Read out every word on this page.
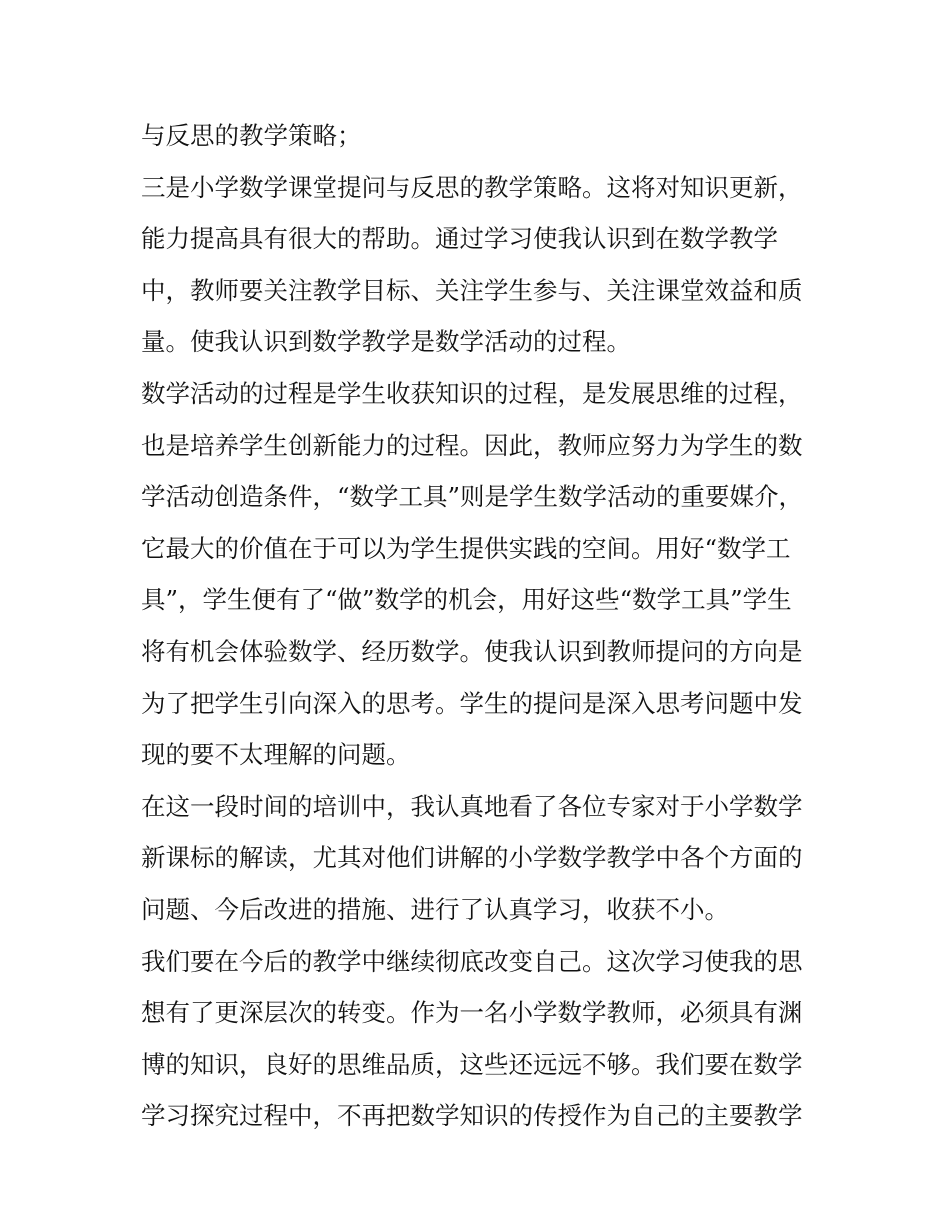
与反思的教学策略；
三是小学数学课堂提问与反思的教学策略。这将对知识更新，
能力提高具有很大的帮助。通过学习使我认识到在数学教学
中，教师要关注教学目标、关注学生参与、关注课堂效益和质
量。使我认识到数学教学是数学活动的过程。
数学活动的过程是学生收获知识的过程，是发展思维的过程，
也是培养学生创新能力的过程。因此，教师应努力为学生的数
学活动创造条件，“数学工具”则是学生数学活动的重要媒介，
它最大的价值在于可以为学生提供实践的空间。用好“数学工
具”，学生便有了“做”数学的机会，用好这些“数学工具”学生
将有机会体验数学、经历数学。使我认识到教师提问的方向是
为了把学生引向深入的思考。学生的提问是深入思考问题中发
现的要不太理解的问题。
在这一段时间的培训中，我认真地看了各位专家对于小学数学
新课标的解读，尤其对他们讲解的小学数学教学中各个方面的
问题、今后改进的措施、进行了认真学习，收获不小。
我们要在今后的教学中继续彻底改变自己。这次学习使我的思
想有了更深层次的转变。作为一名小学数学教师，必须具有渊
博的知识，良好的思维品质，这些还远远不够。我们要在数学
学习探究过程中，不再把数学知识的传授作为自己的主要教学
